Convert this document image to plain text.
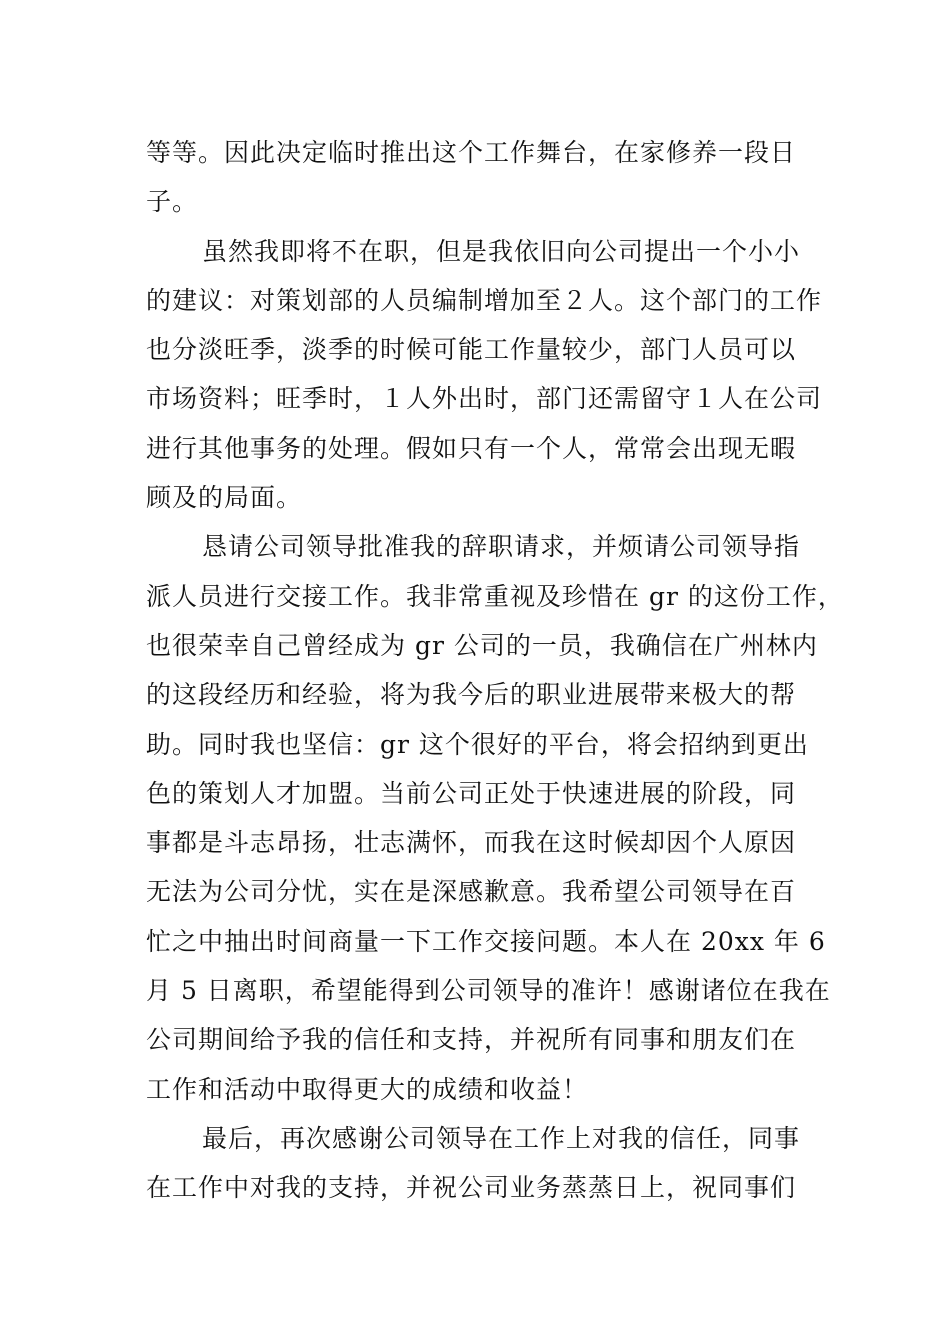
等等。因此决定临时推出这个工作舞台，在家修养一段日
子。
虽然我即将不在职，但是我依旧向公司提出一个小小
的建议：对策划部的人员编制增加至２人。这个部门的工作
也分淡旺季，淡季的时候可能工作量较少，部门人员可以
市场资料；旺季时，１人外出时，部门还需留守１人在公司
进行其他事务的处理。假如只有一个人，常常会出现无暇
顾及的局面。
恳请公司领导批准我的辞职请求，并烦请公司领导指
派人员进行交接工作。我非常重视及珍惜在 gr 的这份工作，
也很荣幸自己曾经成为 gr 公司的一员，我确信在广州林内
的这段经历和经验，将为我今后的职业进展带来极大的帮
助。同时我也坚信：gr 这个很好的平台，将会招纳到更出
色的策划人才加盟。当前公司正处于快速进展的阶段，同
事都是斗志昂扬，壮志满怀，而我在这时候却因个人原因
无法为公司分忧，实在是深感歉意。我希望公司领导在百
忙之中抽出时间商量一下工作交接问题。本人在 20xx 年 6
月 5 日离职，希望能得到公司领导的准许！感谢诸位在我在
公司期间给予我的信任和支持，并祝所有同事和朋友们在
工作和活动中取得更大的成绩和收益！
最后，再次感谢公司领导在工作上对我的信任，同事
在工作中对我的支持，并祝公司业务蒸蒸日上，祝同事们
